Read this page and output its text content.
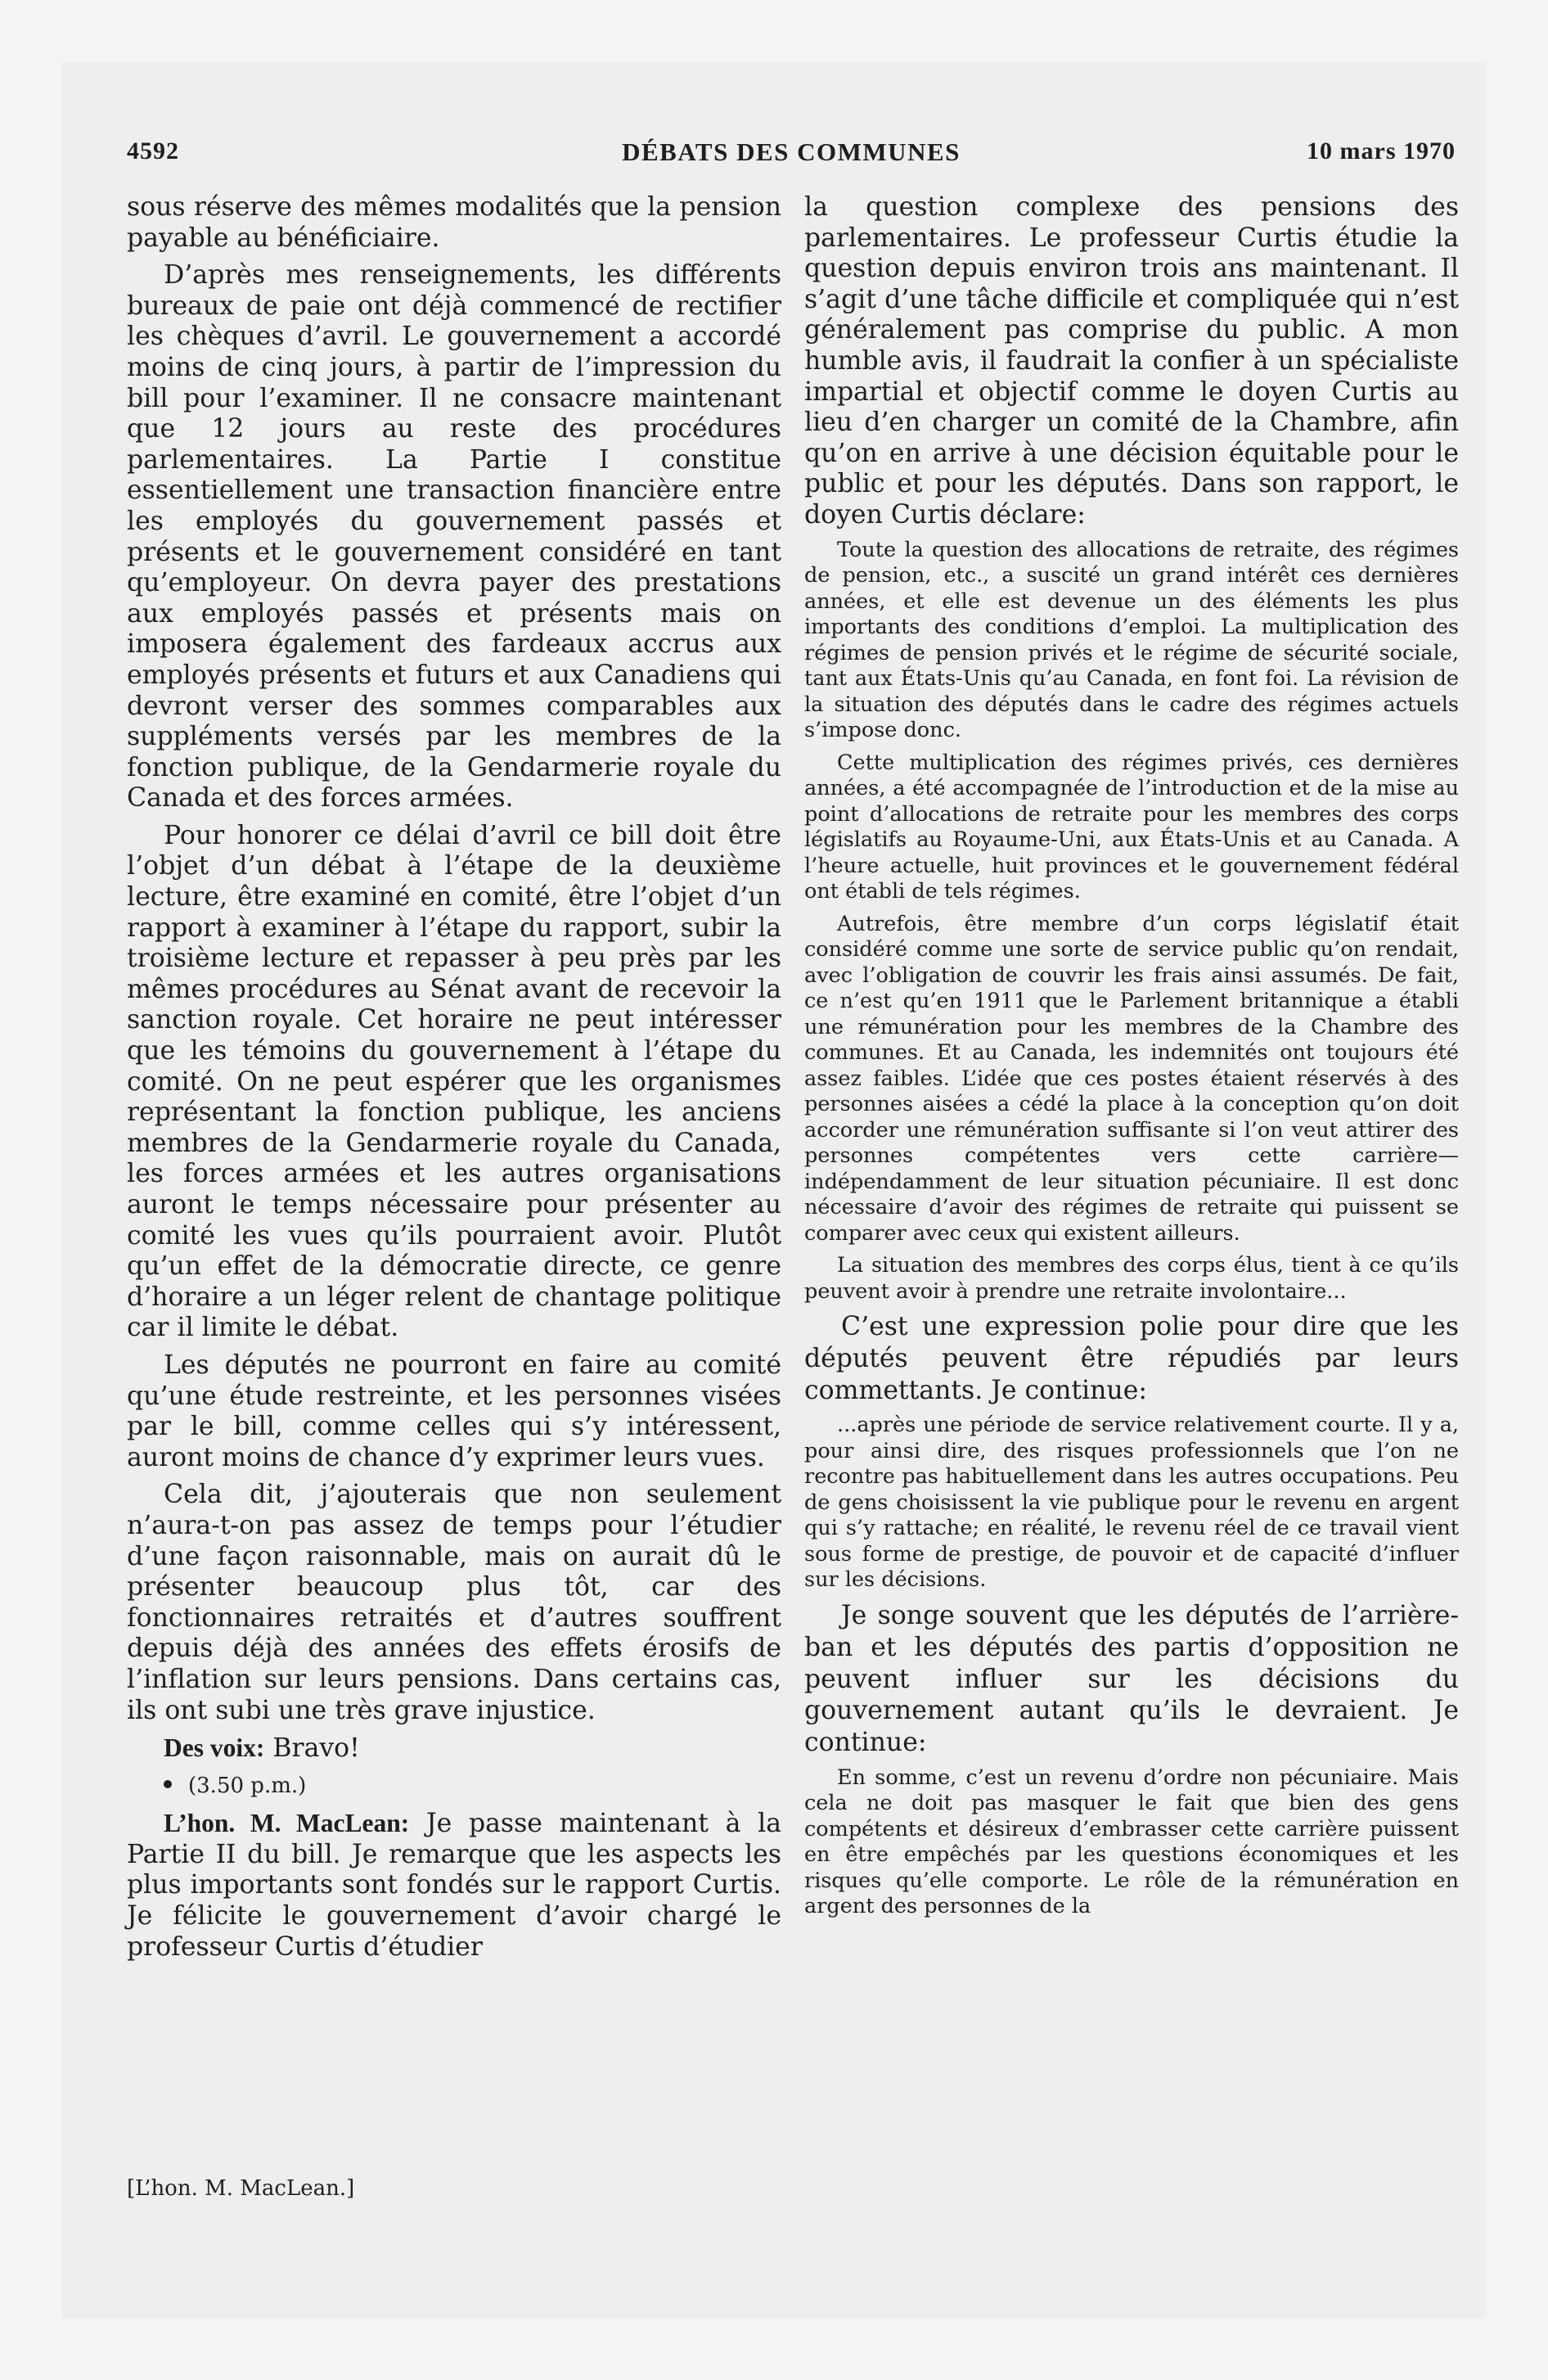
4592	DÉBATS DES COMMUNES	10 mars 1970

sous réserve des mêmes modalités que la pension payable au bénéficiaire.

D’après mes renseignements, les différents bureaux de paie ont déjà commencé de rectifier les chèques d’avril. Le gouvernement a accordé moins de cinq jours, à partir de l’impression du bill pour l’examiner. Il ne consacre maintenant que 12 jours au reste des procédures parlementaires. La Partie I constitue essentiellement une transaction financière entre les employés du gouvernement passés et présents et le gouvernement considéré en tant qu’employeur. On devra payer des prestations aux employés passés et présents mais on imposera également des fardeaux accrus aux employés présents et futurs et aux Canadiens qui devront verser des sommes comparables aux suppléments versés par les membres de la fonction publique, de la Gendarmerie royale du Canada et des forces armées.

Pour honorer ce délai d’avril ce bill doit être l’objet d’un débat à l’étape de la deuxième lecture, être examiné en comité, être l’objet d’un rapport à examiner à l’étape du rapport, subir la troisième lecture et repasser à peu près par les mêmes procédures au Sénat avant de recevoir la sanction royale. Cet horaire ne peut intéresser que les témoins du gouvernement à l’étape du comité. On ne peut espérer que les organismes représentant la fonction publique, les anciens membres de la Gendarmerie royale du Canada, les forces armées et les autres organisations auront le temps nécessaire pour présenter au comité les vues qu’ils pourraient avoir. Plutôt qu’un effet de la démocratie directe, ce genre d’horaire a un léger relent de chantage politique car il limite le débat.

Les députés ne pourront en faire au comité qu’une étude restreinte, et les personnes visées par le bill, comme celles qui s’y intéressent, auront moins de chance d’y exprimer leurs vues.

Cela dit, j’ajouterais que non seulement n’aura-t-on pas assez de temps pour l’étudier d’une façon raisonnable, mais on aurait dû le présenter beaucoup plus tôt, car des fonctionnaires retraités et d’autres souffrent depuis déjà des années des effets érosifs de l’inflation sur leurs pensions. Dans certains cas, ils ont subi une très grave injustice.

Des voix: Bravo!

(3.50 p.m.)

L’hon. M. MacLean: Je passe maintenant à la Partie II du bill. Je remarque que les aspects les plus importants sont fondés sur le rapport Curtis. Je félicite le gouvernement d’avoir chargé le professeur Curtis d’étudier

[L’hon. M. MacLean.]

la question complexe des pensions des parlementaires. Le professeur Curtis étudie la question depuis environ trois ans maintenant. Il s’agit d’une tâche difficile et compliquée qui n’est généralement pas comprise du public. A mon humble avis, il faudrait la confier à un spécialiste impartial et objectif comme le doyen Curtis au lieu d’en charger un comité de la Chambre, afin qu’on en arrive à une décision équitable pour le public et pour les députés. Dans son rapport, le doyen Curtis déclare:

Toute la question des allocations de retraite, des régimes de pension, etc., a suscité un grand intérêt ces dernières années, et elle est devenue un des éléments les plus importants des conditions d’emploi. La multiplication des régimes de pension privés et le régime de sécurité sociale, tant aux États-Unis qu’au Canada, en font foi. La révision de la situation des députés dans le cadre des régimes actuels s’impose donc.

Cette multiplication des régimes privés, ces dernières années, a été accompagnée de l’introduction et de la mise au point d’allocations de retraite pour les membres des corps législatifs au Royaume-Uni, aux États-Unis et au Canada. A l’heure actuelle, huit provinces et le gouvernement fédéral ont établi de tels régimes.

Autrefois, être membre d’un corps législatif était considéré comme une sorte de service public qu’on rendait, avec l’obligation de couvrir les frais ainsi assumés. De fait, ce n’est qu’en 1911 que le Parlement britannique a établi une rémunération pour les membres de la Chambre des communes. Et au Canada, les indemnités ont toujours été assez faibles. L’idée que ces postes étaient réservés à des personnes aisées a cédé la place à la conception qu’on doit accorder une rémunération suffisante si l’on veut attirer des personnes compétentes vers cette carrière—indépendamment de leur situation pécuniaire. Il est donc nécessaire d’avoir des régimes de retraite qui puissent se comparer avec ceux qui existent ailleurs.

La situation des membres des corps élus, tient à ce qu’ils peuvent avoir à prendre une retraite involontaire...

C’est une expression polie pour dire que les députés peuvent être répudiés par leurs commettants. Je continue:

...après une période de service relativement courte. Il y a, pour ainsi dire, des risques professionnels que l’on ne recontre pas habituellement dans les autres occupations. Peu de gens choisissent la vie publique pour le revenu en argent qui s’y rattache; en réalité, le revenu réel de ce travail vient sous forme de prestige, de pouvoir et de capacité d’influer sur les décisions.

Je songe souvent que les députés de l’arrière-ban et les députés des partis d’opposition ne peuvent influer sur les décisions du gouvernement autant qu’ils le devraient. Je continue:

En somme, c’est un revenu d’ordre non pécuniaire. Mais cela ne doit pas masquer le fait que bien des gens compétents et désireux d’embrasser cette carrière puissent en être empêchés par les questions économiques et les risques qu’elle comporte. Le rôle de la rémunération en argent des personnes de la
